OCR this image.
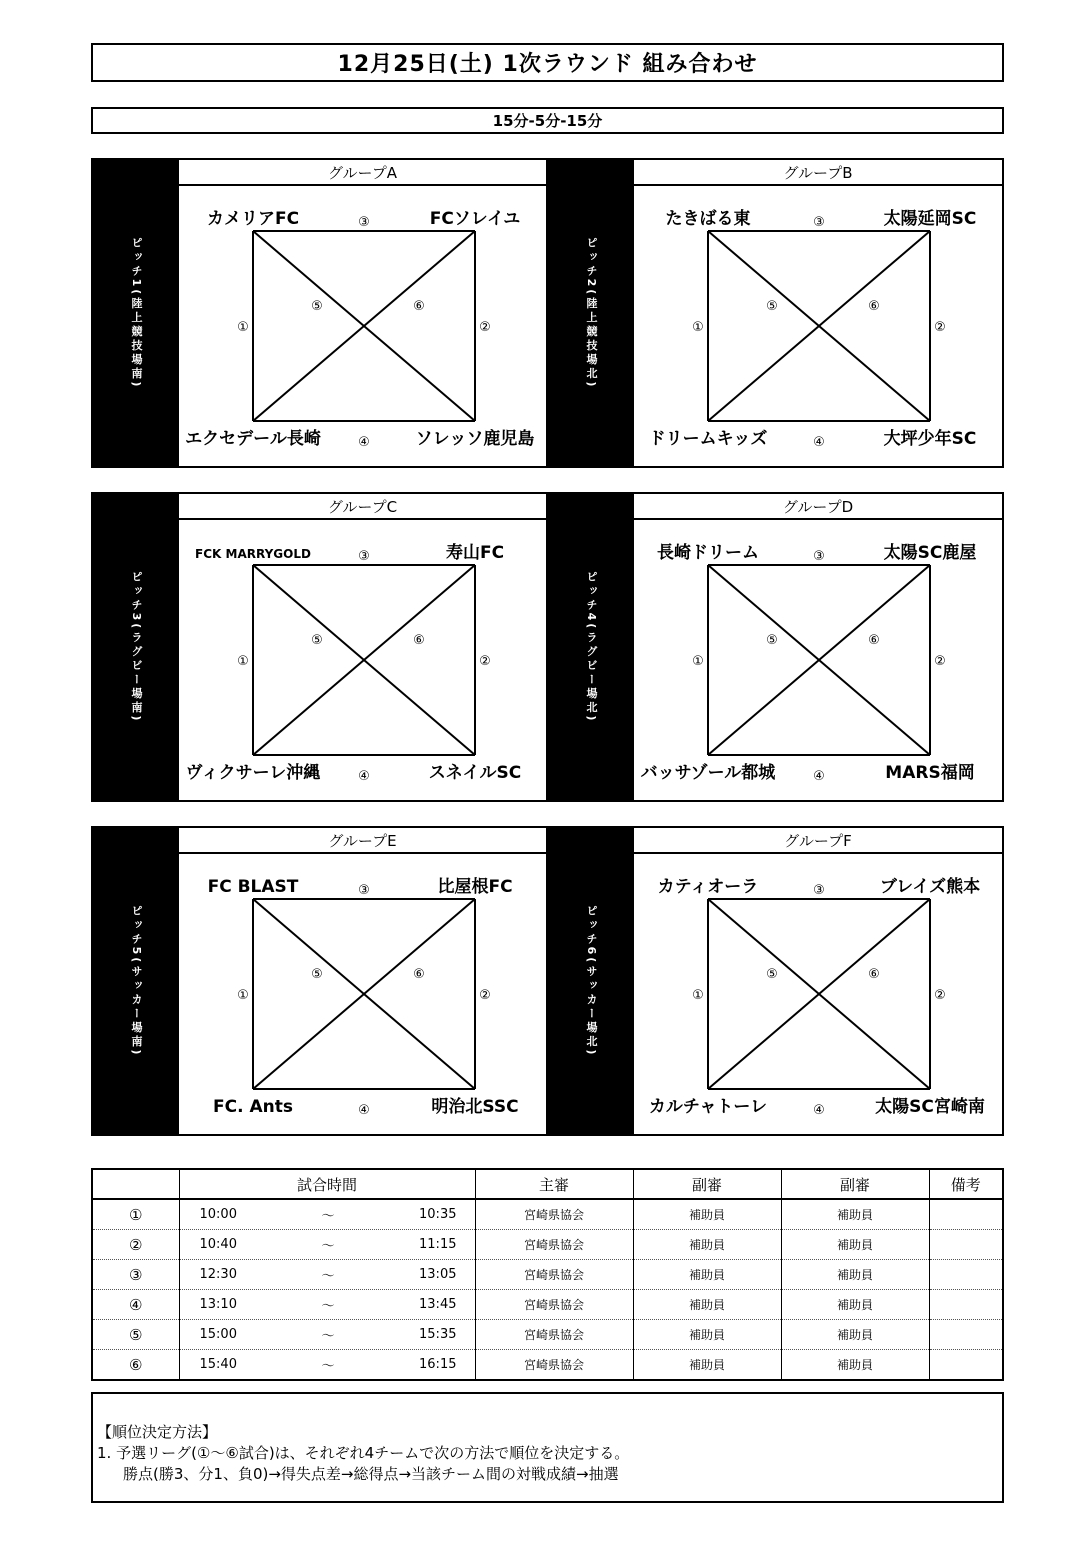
12月25日(土) 1次ラウンド 組み合わせ
15分-5分-15分
ピッチ1(陸上競技場南)
グループA
カメリアFC	FCソレイユ
エクセデール長崎	ソレッソ鹿児島
③
④
①	②
⑤	⑥	ピッチ2(陸上競技場北)
グループB
たきばる東	太陽延岡SC
ドリームキッズ	大坪少年SC
③
④
①	②
⑤	⑥
ピッチ3(ラグビー場南)
グループC
FCK MARRYGOLD	寿山FC
ヴィクサーレ沖縄	スネイルSC
③
④
①	②
⑤	⑥	ピッチ4(ラグビー場北)
グループD
長崎ドリーム	太陽SC鹿屋
バッサゾール都城	MARS福岡
③
④
①	②
⑤	⑥
ピッチ5(サッカー場南)
グループE
FC BLAST	比屋根FC
FC. Ants	明治北SSC
③
④
①	②
⑤	⑥	ピッチ6(サッカー場北)
グループF
カティオーラ	ブレイズ熊本
カルチャトーレ	太陽SC宮崎南
③
④
①	②
⑤	⑥
	試合時間	主審	副審	副審	備考
①	10:00 〜 10:35	宮崎県協会	補助員	補助員	
②	10:40 〜 11:15	宮崎県協会	補助員	補助員	
③	12:30 〜 13:05	宮崎県協会	補助員	補助員	
④	13:10 〜 13:45	宮崎県協会	補助員	補助員	
⑤	15:00 〜 15:35	宮崎県協会	補助員	補助員	
⑥	15:40 〜 16:15	宮崎県協会	補助員	補助員	
【順位決定方法】
1. 予選リーグ(①〜⑥試合)は、それぞれ4チームで次の方法で順位を決定する。
勝点(勝3、分1、負0)→得失点差→総得点→当該チーム間の対戦成績→抽選
